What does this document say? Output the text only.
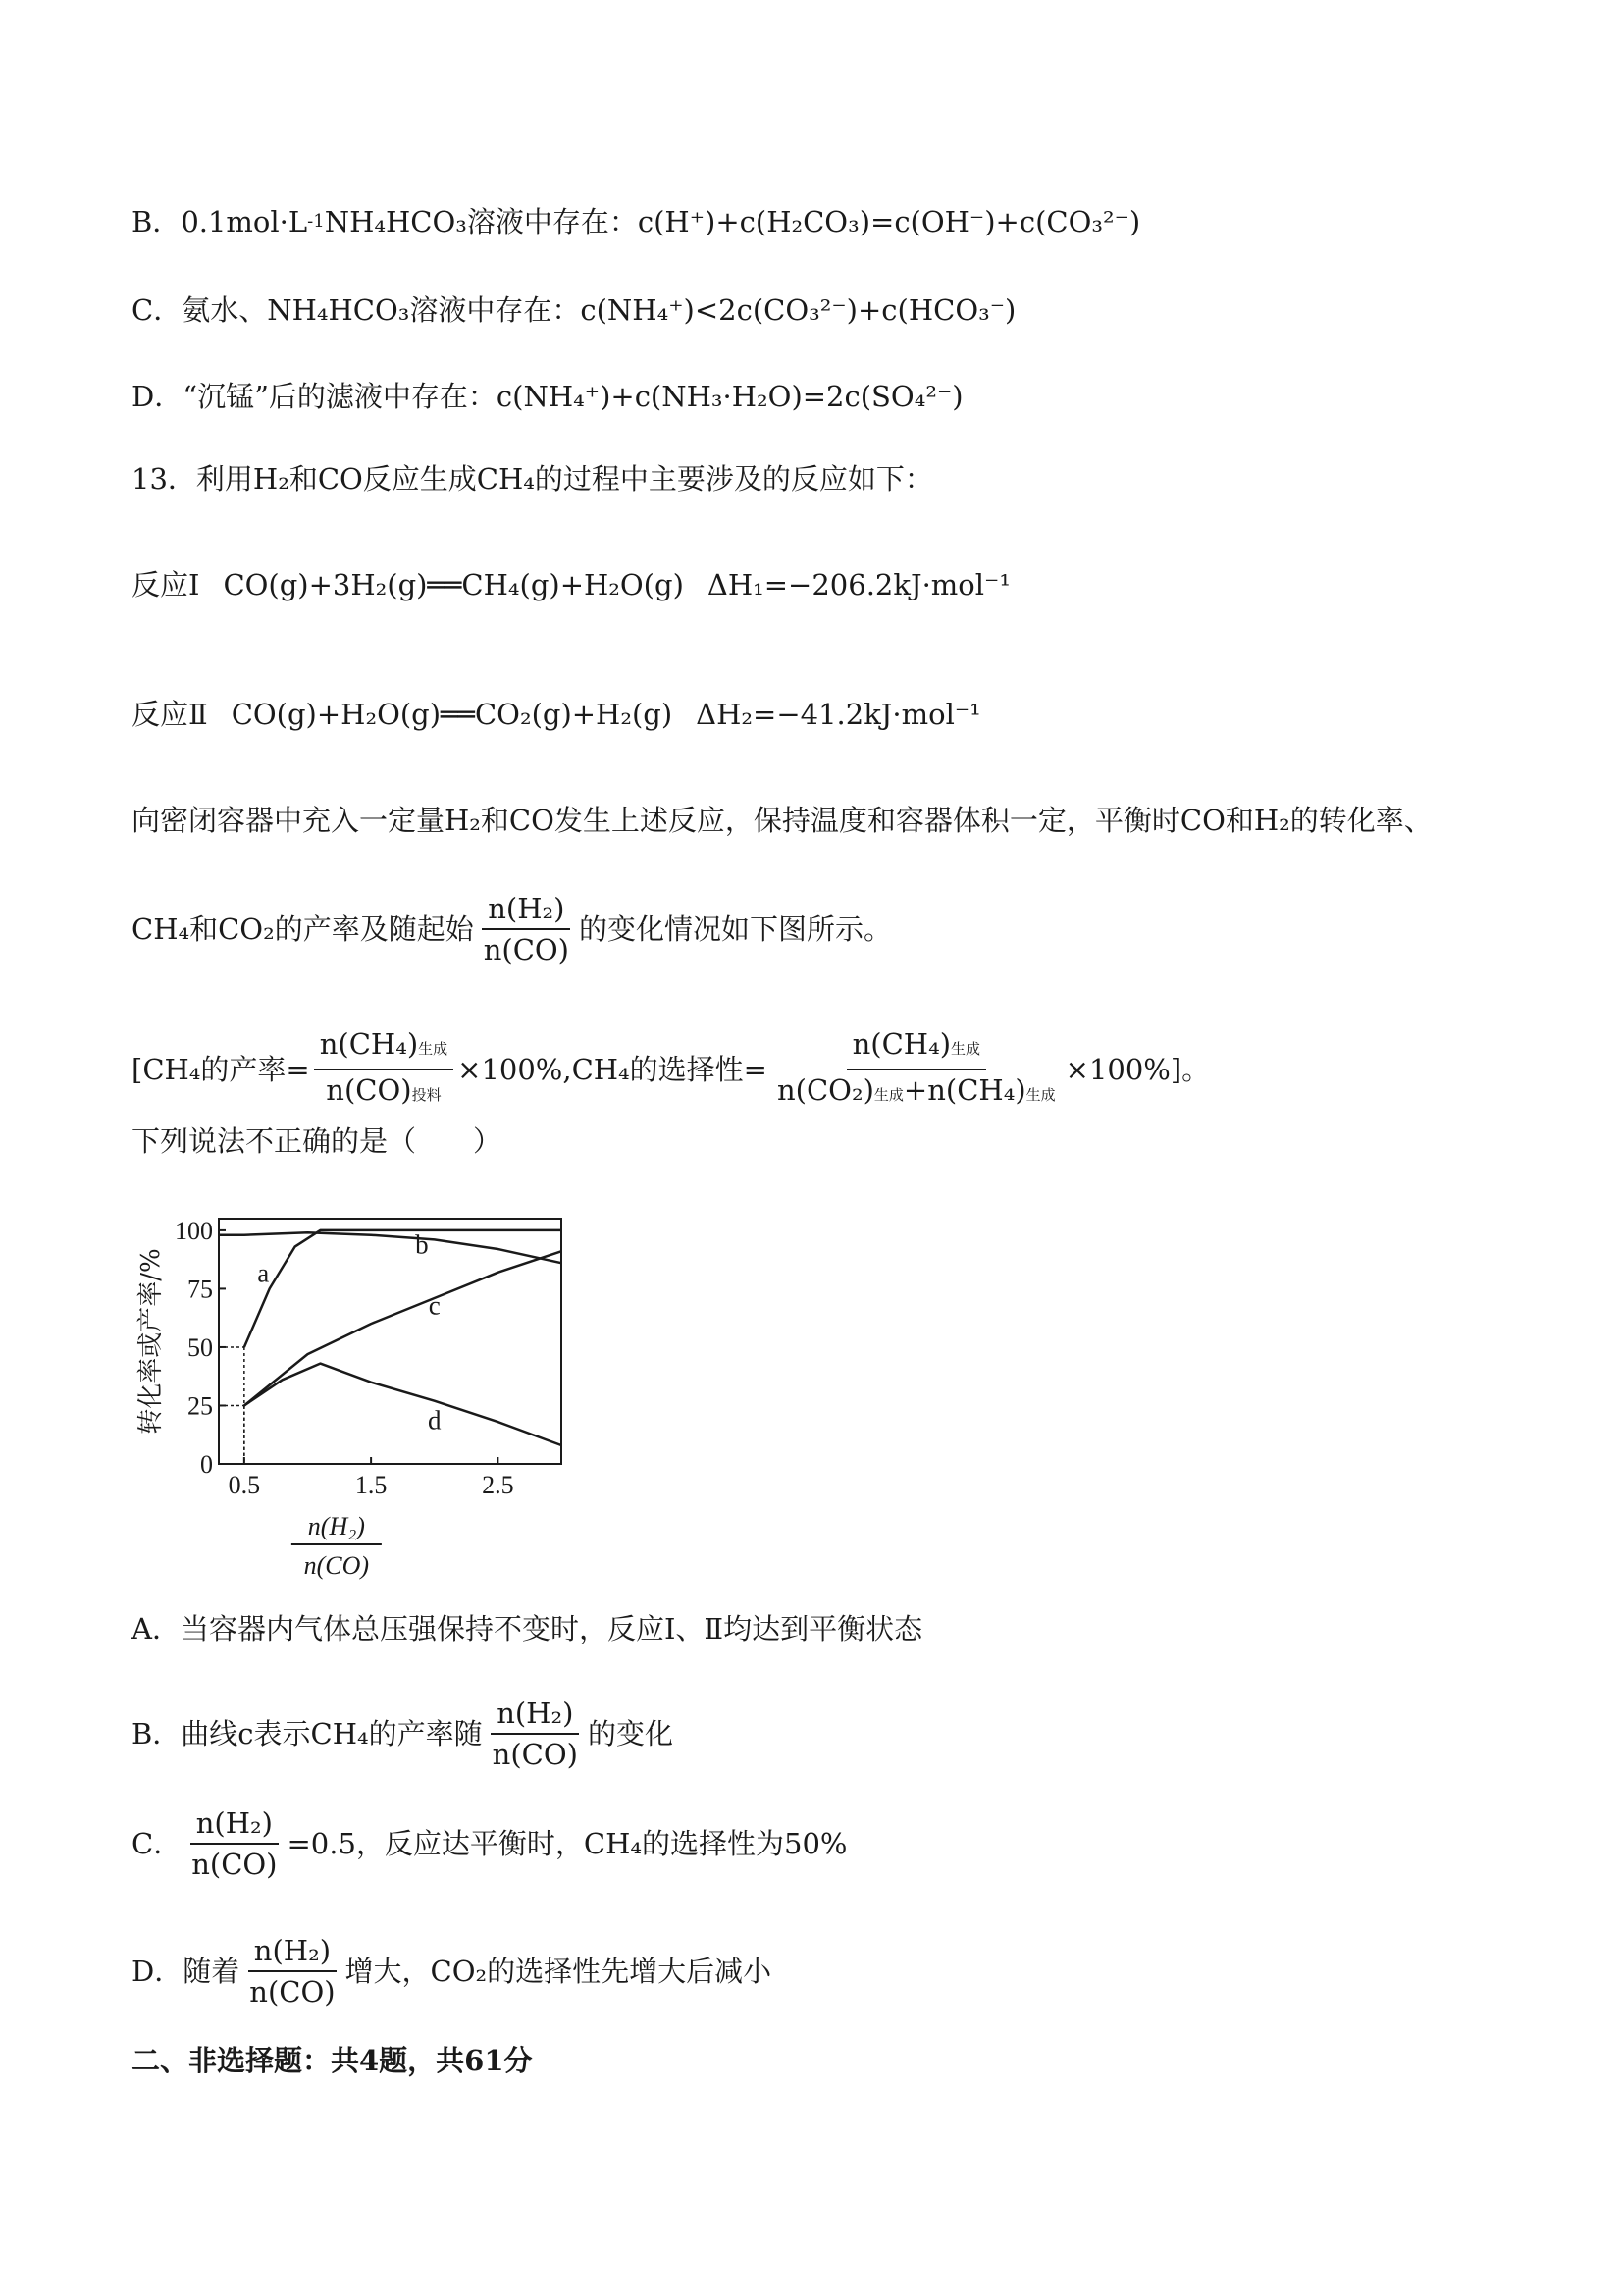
B． 0.1mol·L -1 NH₄HCO₃溶液中存在： c(H⁺)+c(H₂CO₃)=c(OH⁻)+c(CO₃²⁻)
C． 氨水、NH₄HCO₃溶液中存在： c(NH₄⁺)<2c(CO₃²⁻)+c(HCO₃⁻)
D． “沉锰”后的滤液中存在： c(NH₄⁺)+c(NH₃·H₂O)=2c(SO₄²⁻)
13．利用H₂和CO反应生成CH₄的过程中主要涉及的反应如下：
反应Ⅰ CO(g)+3H₂(g)══CH₄(g)+H₂O(g) ΔH₁=−206.2kJ·mol⁻¹
反应Ⅱ CO(g)+H₂O(g)══CO₂(g)+H₂(g) ΔH₂=−41.2kJ·mol⁻¹
向密闭容器中充入一定量H₂和CO发生上述反应，保持温度和容器体积一定，平衡时CO和H₂的转化率、
CH₄和CO₂的产率及随起始 $\frac{\text{n(H₂)}}{n(CO)}$ 的变化情况如下图所示。
[CH₄的产率= $\frac{\text{n(CH₄)生成}}{\text{n(CO)投料}} \times 100\%,CH_4$的选择性= $\frac{\text{n(CH₄)生成}}{\text{n(CO₂)生成+n(CH₄)生成}} \times 100\%$]。
下列说法不正确的是（　　）
0
25
50
75
100
0.5	1.5	2.5
a
b
c
d
转化率或产率/%
n(H₂)
n(CO)
A．当容器内气体总压强保持不变时，反应Ⅰ、Ⅱ均达到平衡状态
B．曲线c表示CH₄的产率随 $\frac{\text{n(H₂)}}{n(CO)}$ 的变化
C． $\frac{\text{n(H₂)}}{n(CO)} =0.5$，反应达平衡时，CH₄的选择性为50%
D．随着 $\frac{\text{n(H₂)}}{n(CO)}$ 增大，CO₂的选择性先增大后减小
二、非选择题：共4题，共61分
